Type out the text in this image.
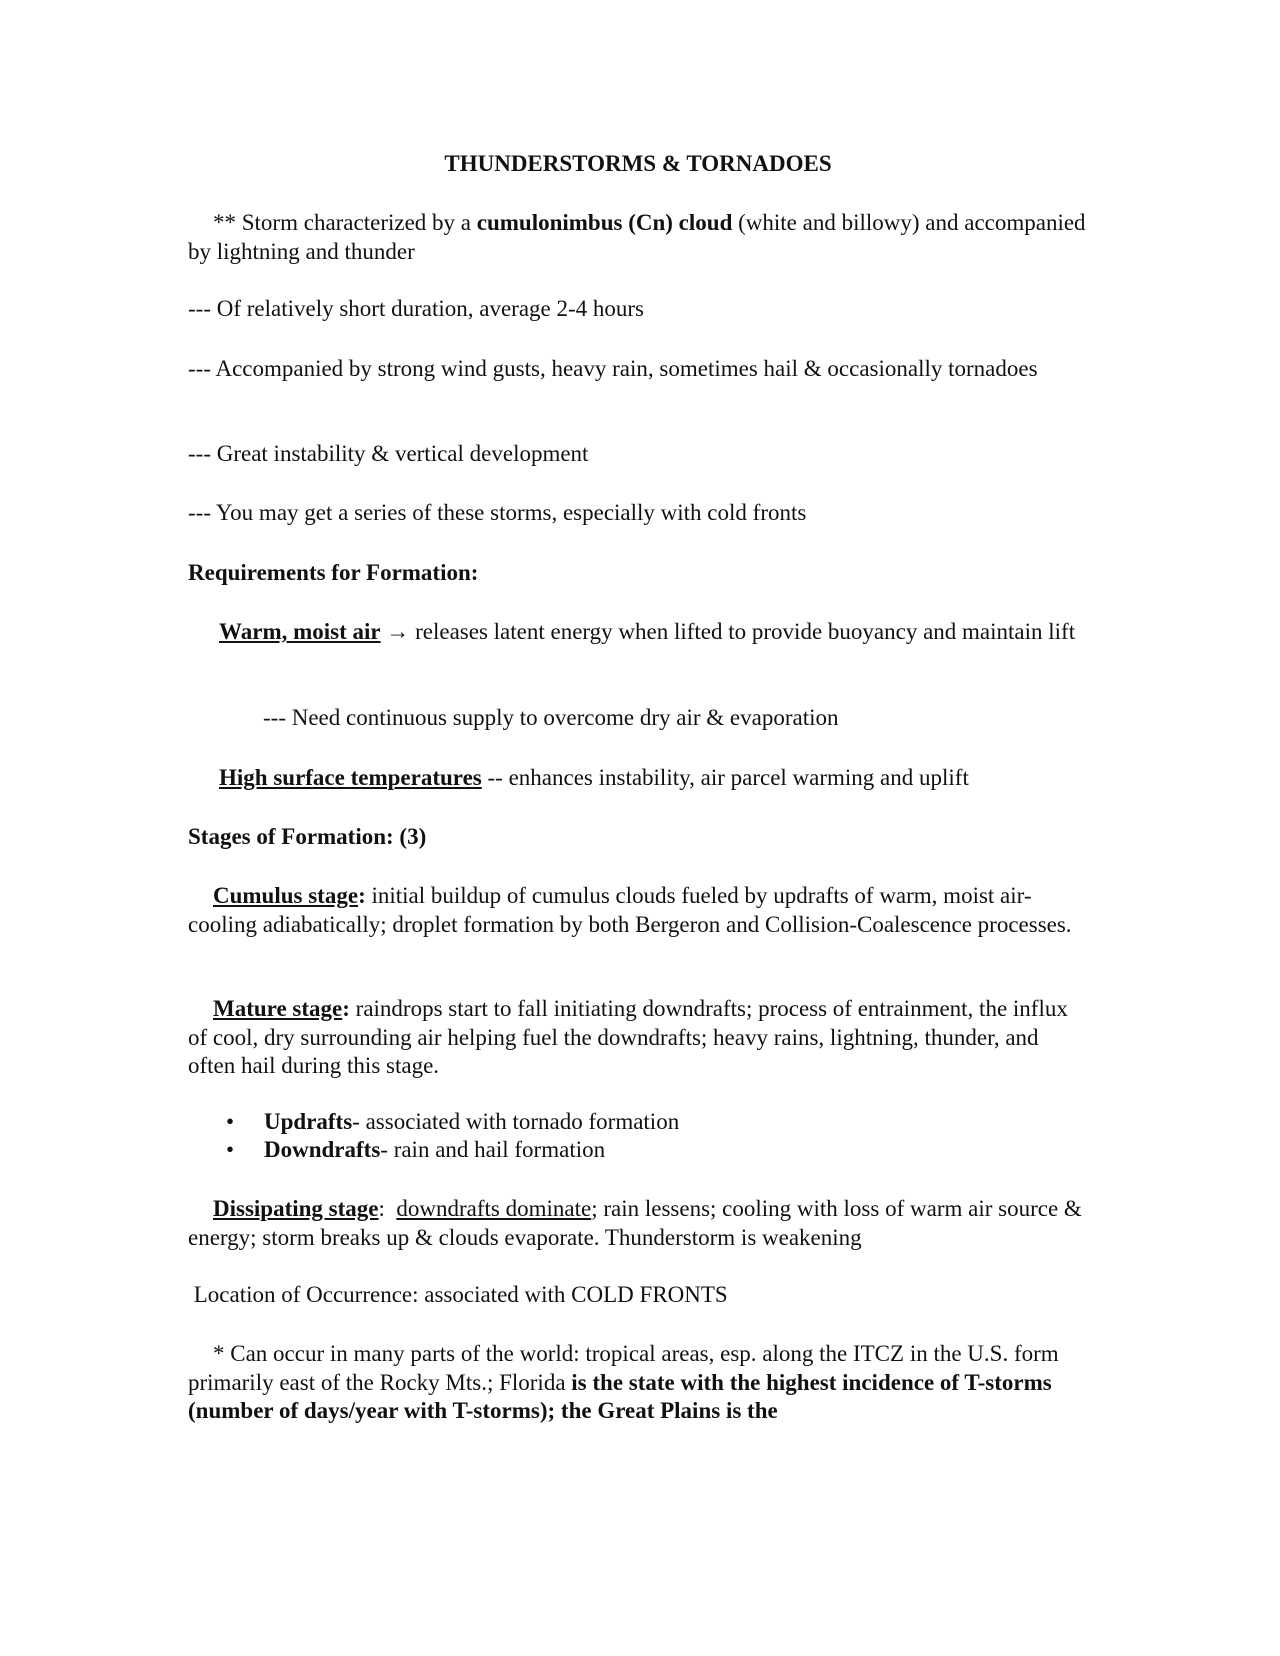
THUNDERSTORMS & TORNADOES

** Storm characterized by a cumulonimbus (Cn) cloud (white and billowy) and accompanied by lightning and thunder

--- Of relatively short duration, average 2-4 hours

--- Accompanied by strong wind gusts, heavy rain, sometimes hail & occasionally tornadoes

--- Great instability & vertical development

--- You may get a series of these storms, especially with cold fronts

Requirements for Formation:

Warm, moist air → releases latent energy when lifted to provide buoyancy and maintain lift

--- Need continuous supply to overcome dry air & evaporation

High surface temperatures -- enhances instability, air parcel warming and uplift

Stages of Formation: (3)

Cumulus stage: initial buildup of cumulus clouds fueled by updrafts of warm, moist air-cooling adiabatically; droplet formation by both Bergeron and Collision-Coalescence processes.

Mature stage: raindrops start to fall initiating downdrafts; process of entrainment, the influx of cool, dry surrounding air helping fuel the downdrafts; heavy rains, lightning, thunder, and often hail during this stage.

• Updrafts- associated with tornado formation

• Downdrafts- rain and hail formation

Dissipating stage:  downdrafts dominate; rain lessens; cooling with loss of warm air source & energy; storm breaks up & clouds evaporate. Thunderstorm is weakening

Location of Occurrence: associated with COLD FRONTS

* Can occur in many parts of the world: tropical areas, esp. along the ITCZ in the U.S. form primarily east of the Rocky Mts.; Florida is the state with the highest incidence of T-storms (number of days/year with T-storms); the Great Plains is the
